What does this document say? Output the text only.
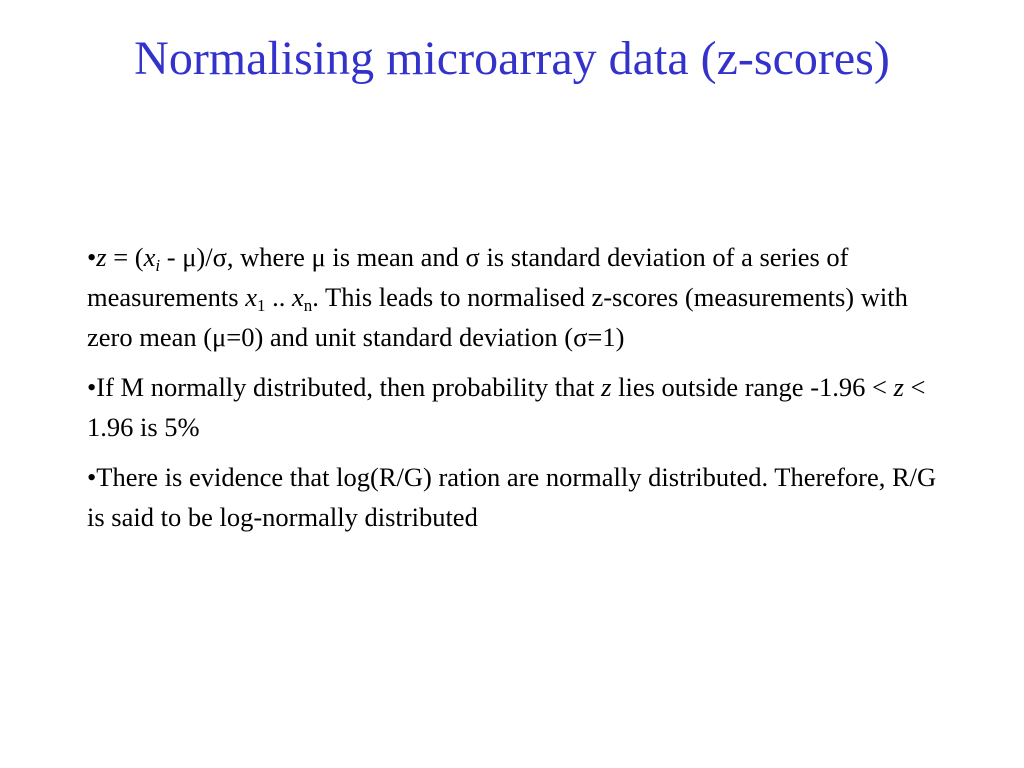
Normalising microarray data (z-scores)

•z = $(x_i - \mu)/\sigma$, where μ is mean and σ is standard deviation of a series of measurements $x_1$ .. $x_n$. This leads to normalised z-scores (measurements) with zero mean (μ=0) and unit standard deviation (σ=1)

•If M normally distributed, then probability that z lies outside range -1.96 < z < 1.96 is 5%

•There is evidence that log(R/G) ration are normally distributed. Therefore, R/G is said to be log-normally distributed
